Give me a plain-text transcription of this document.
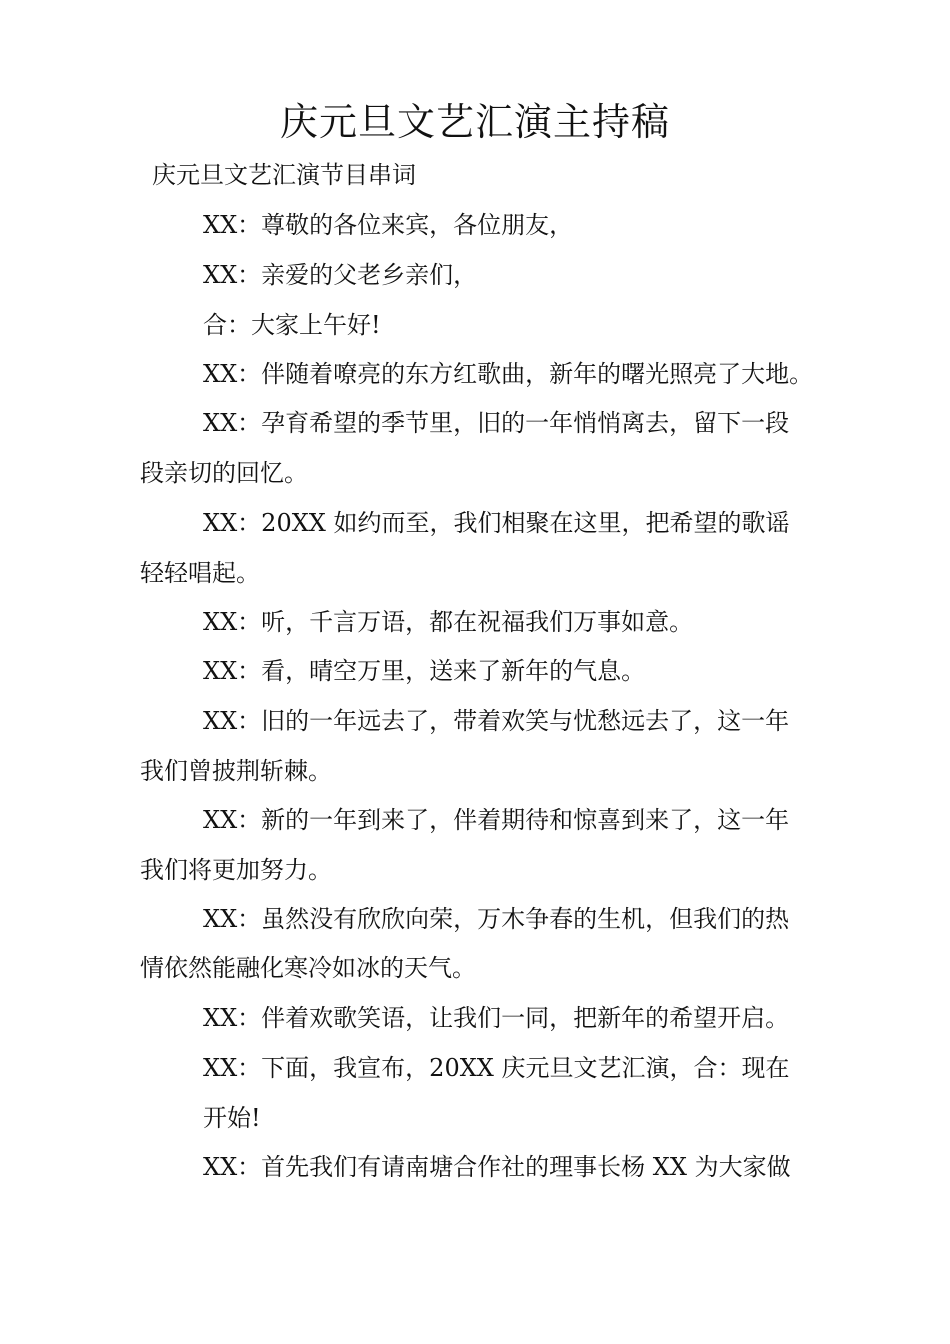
庆元旦文艺汇演主持稿
庆元旦文艺汇演节目串词
XX：尊敬的各位来宾，各位朋友，
XX：亲爱的父老乡亲们，
合：大家上午好!
XX：伴随着嘹亮的东方红歌曲，新年的曙光照亮了大地。
XX：孕育希望的季节里，旧的一年悄悄离去，留下一段
段亲切的回忆。
XX：20XX 如约而至，我们相聚在这里，把希望的歌谣
轻轻唱起。
XX：听，千言万语，都在祝福我们万事如意。
XX：看，晴空万里，送来了新年的气息。
XX：旧的一年远去了，带着欢笑与忧愁远去了，这一年
我们曾披荆斩棘。
XX：新的一年到来了，伴着期待和惊喜到来了，这一年
我们将更加努力。
XX：虽然没有欣欣向荣，万木争春的生机，但我们的热
情依然能融化寒冷如冰的天气。
XX：伴着欢歌笑语，让我们一同，把新年的希望开启。
XX：下面，我宣布，20XX 庆元旦文艺汇演，合：现在
开始!
XX：首先我们有请南塘合作社的理事长杨 XX 为大家做
